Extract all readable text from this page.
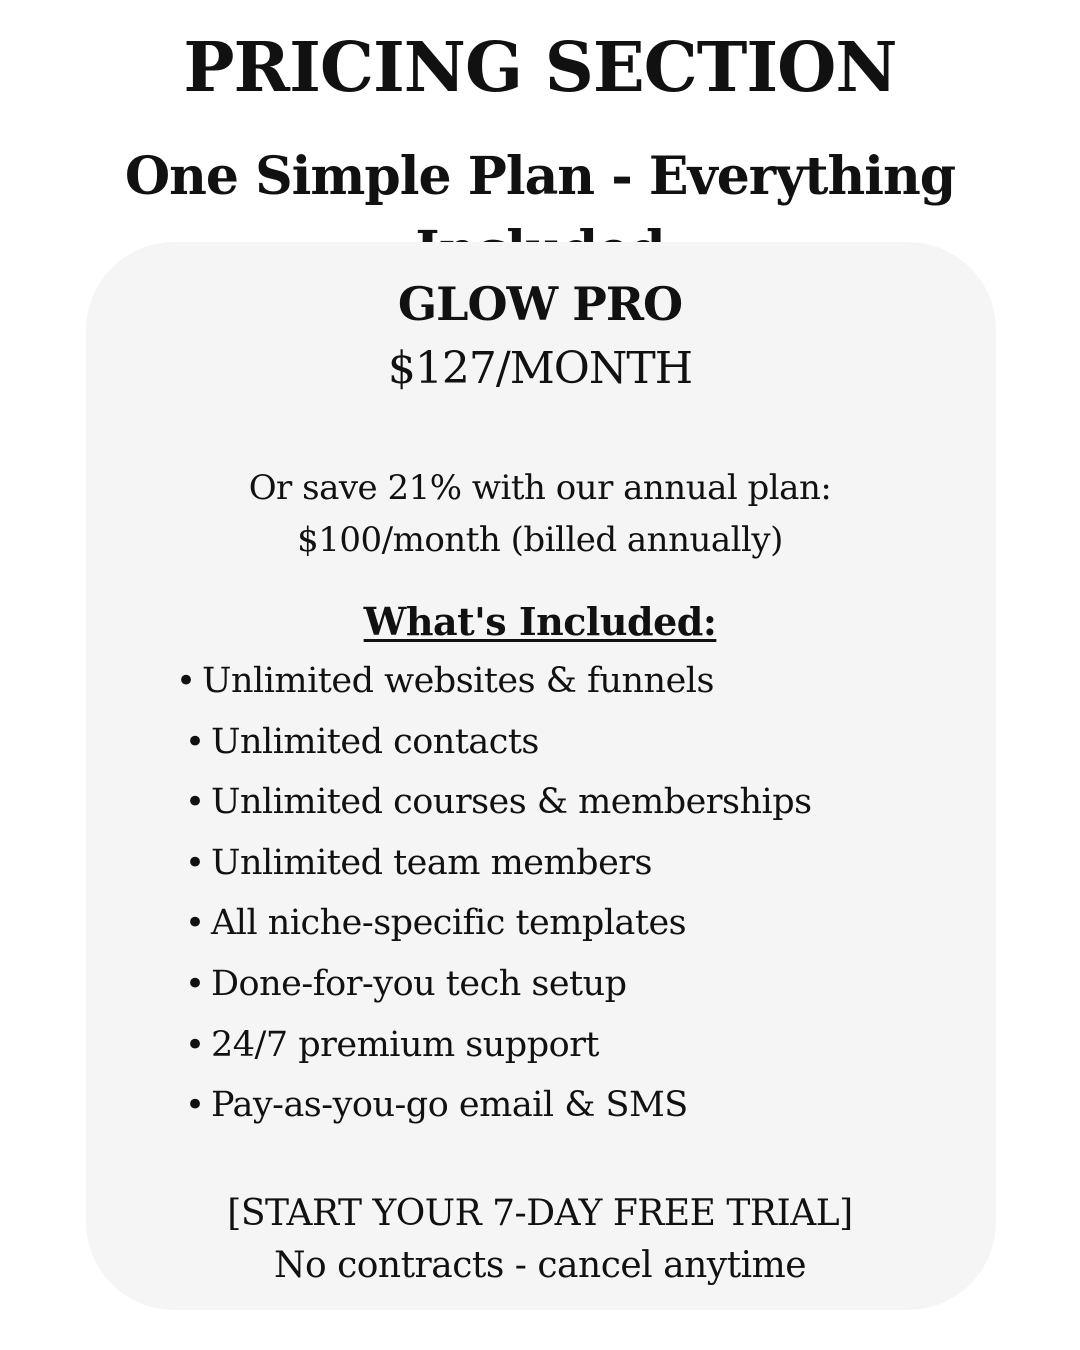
PRICING SECTION
One Simple Plan - Everything
GLOW PRO
$127/MONTH
Or save 21% with our annual plan:
$100/month (billed annually)
What's Included:
• Unlimited websites & funnels
• Unlimited contacts
• Unlimited courses & memberships
• Unlimited team members
• All niche-specific templates
• Done-for-you tech setup
• 24/7 premium support
• Pay-as-you-go email & SMS
[START YOUR 7-DAY FREE TRIAL]
No contracts - cancel anytime
